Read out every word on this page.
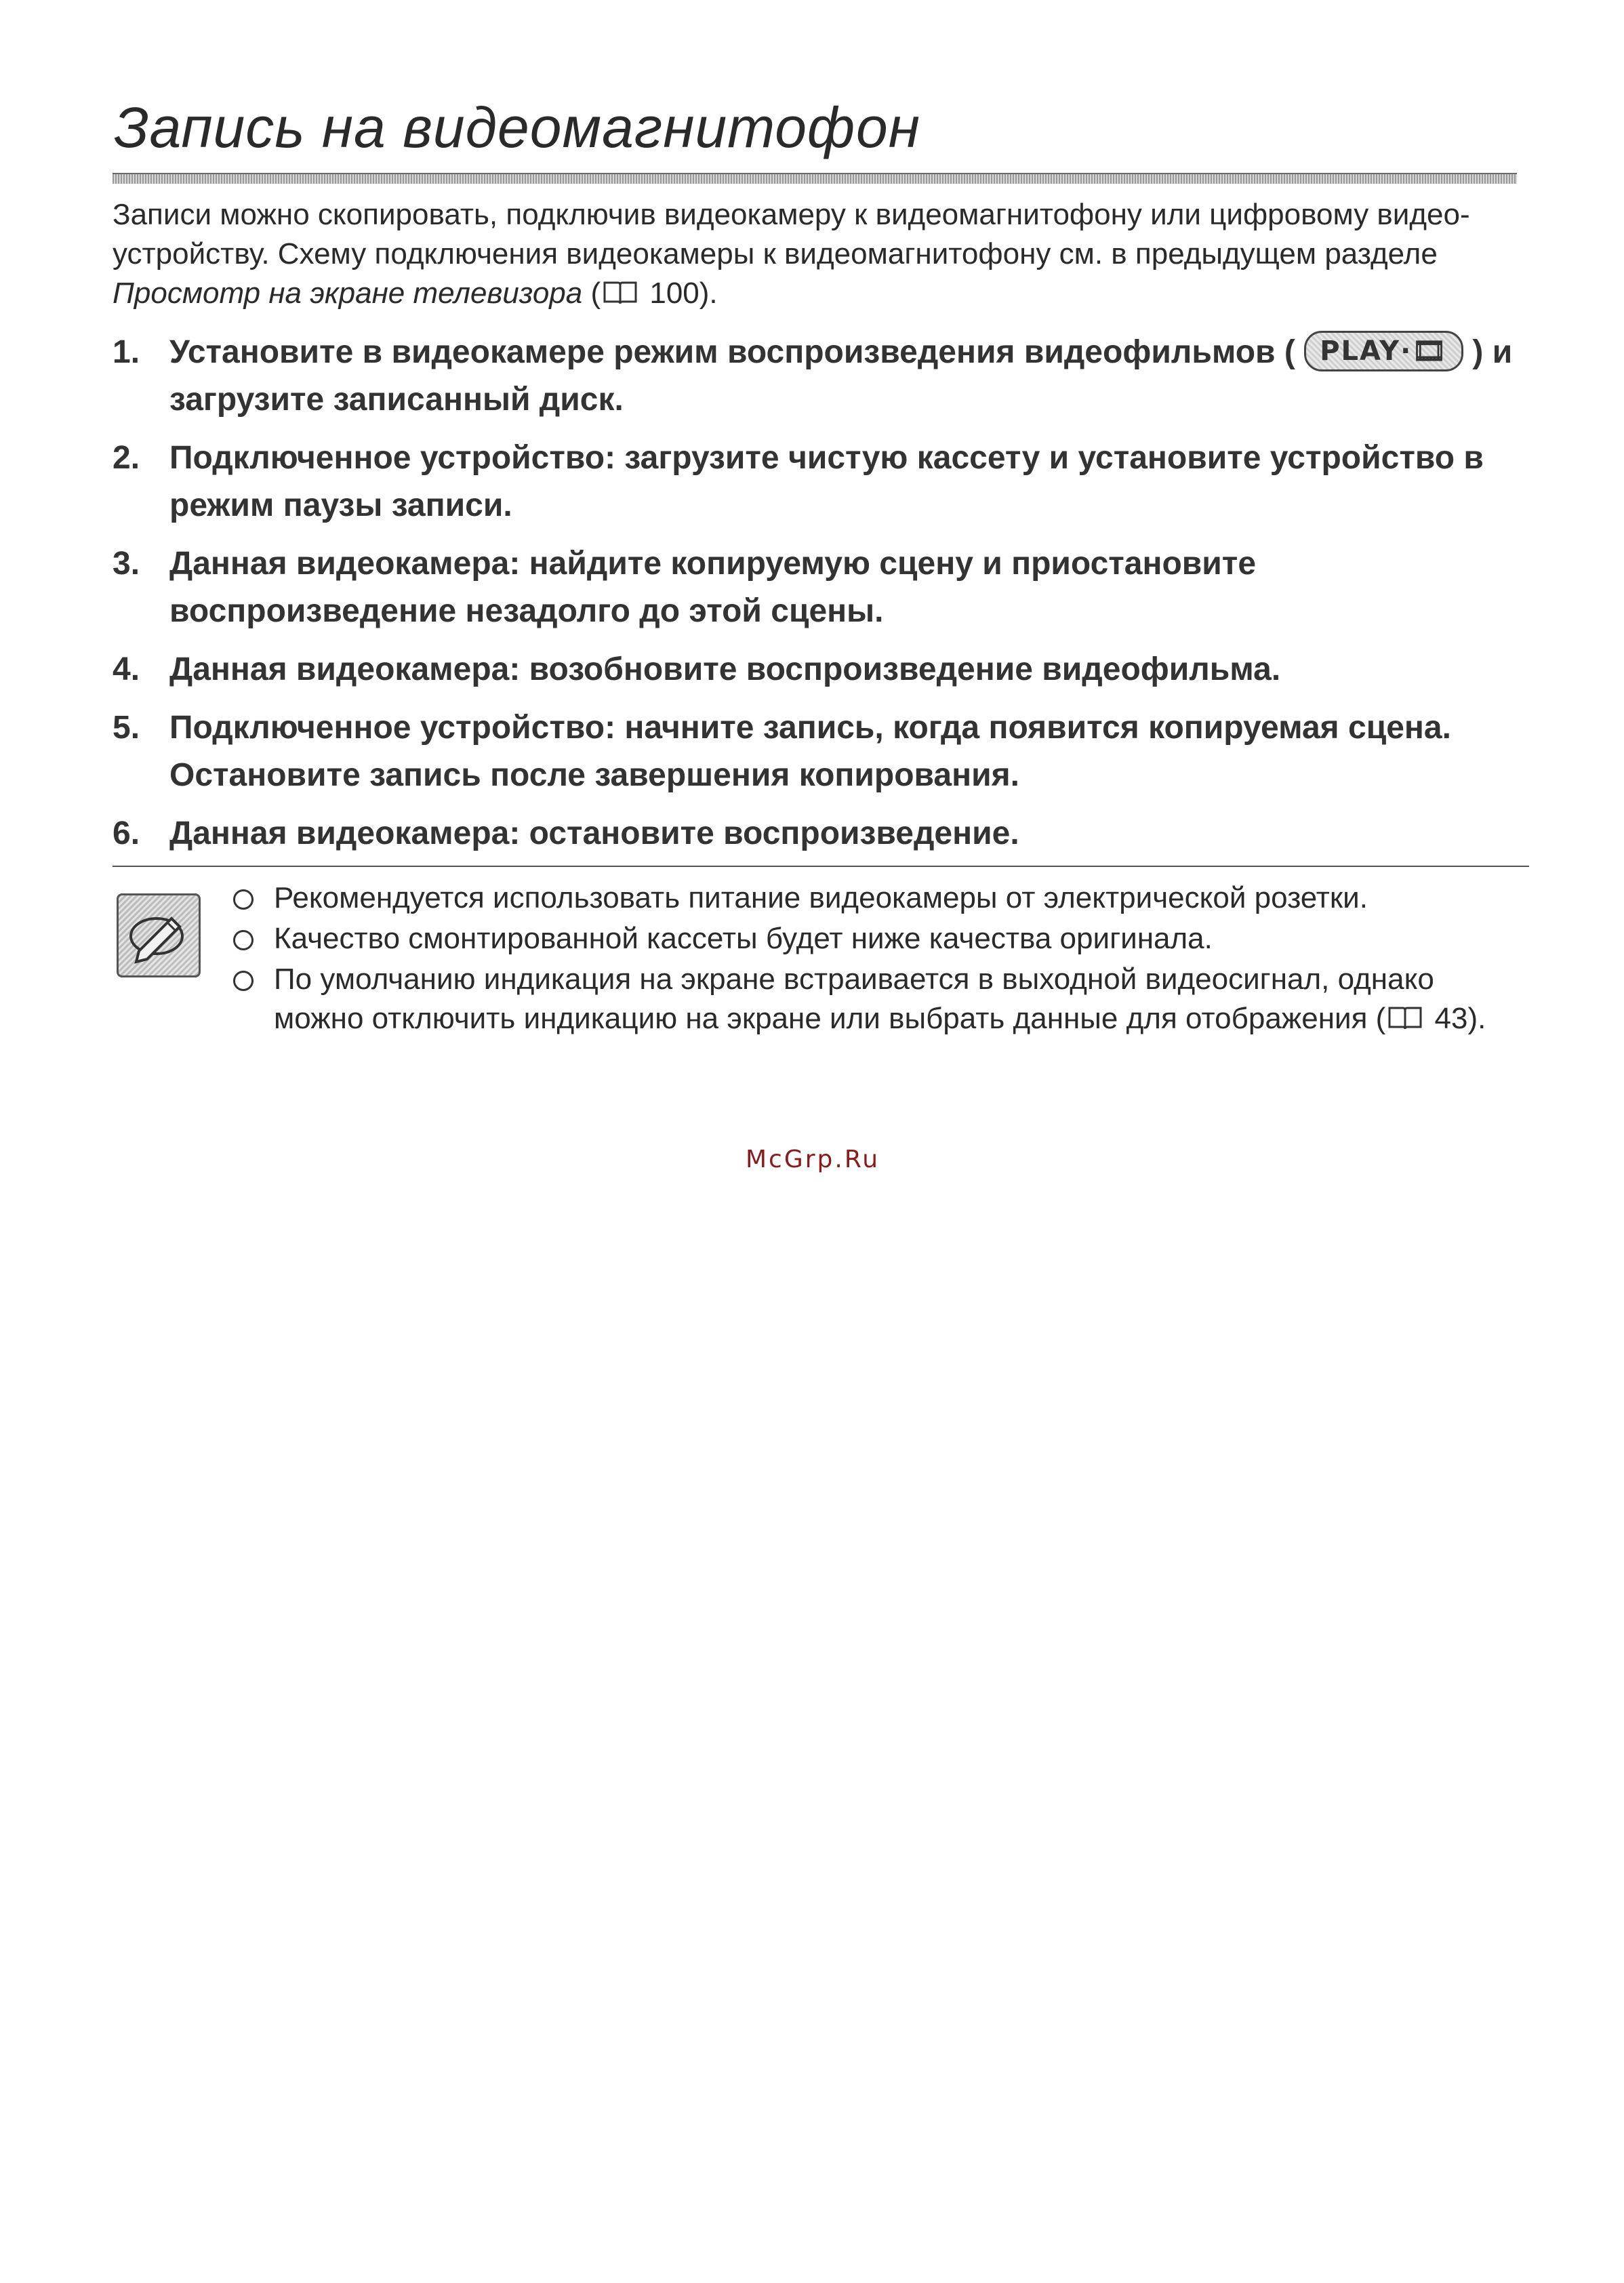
Запись на видеомагнитофон
Записи можно скопировать, подключив видеокамеру к видеомагнитофону или цифровому видео-
устройству. Схему подключения видеокамеры к видеомагнитофону см. в предыдущем разделе
Просмотр на экране телевизора ( 100).
1. Установите в видеокамере режим воспроизведения видеофильмов ( PLAY·🎞 ) и загрузите записанный диск.
2. Подключенное устройство: загрузите чистую кассету и установите устройство в режим паузы записи.
3. Данная видеокамера: найдите копируемую сцену и приостановите воспроизведение незадолго до этой сцены.
4. Данная видеокамера: возобновите воспроизведение видеофильма.
5. Подключенное устройство: начните запись, когда появится копируемая сцена. Остановите запись после завершения копирования.
6. Данная видеокамера: остановите воспроизведение.
Рекомендуется использовать питание видеокамеры от электрической розетки.
Качество смонтированной кассеты будет ниже качества оригинала.
По умолчанию индикация на экране встраивается в выходной видеосигнал, однако можно отключить индикацию на экране или выбрать данные для отображения ( 43).
McGrp.Ru
